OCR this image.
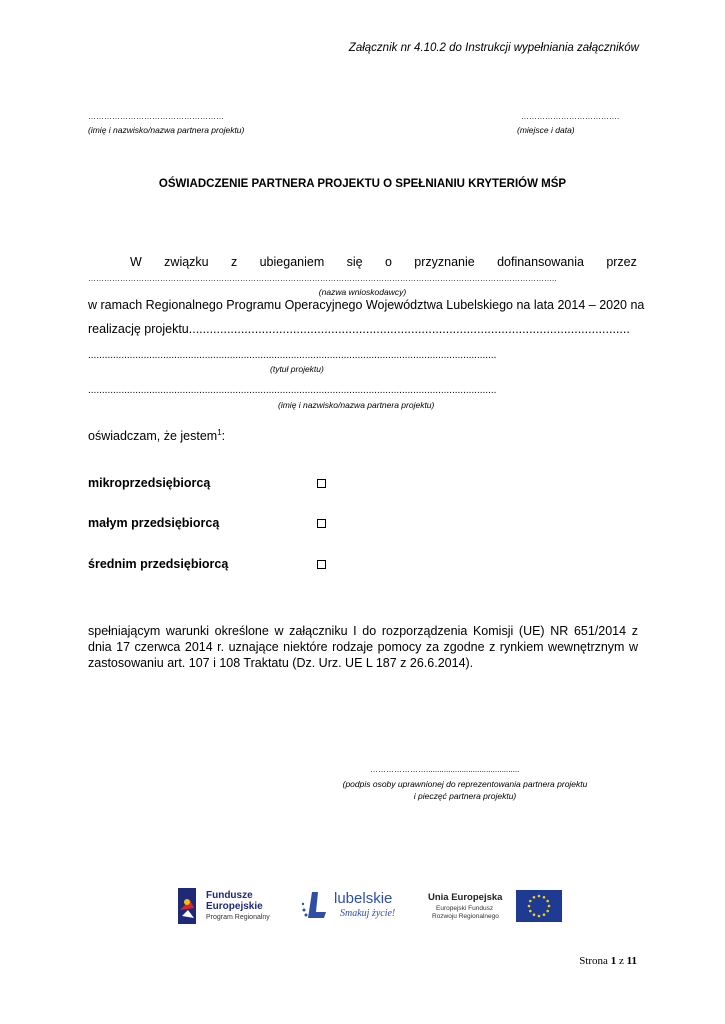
Załącznik nr 4.10.2 do Instrukcji wypełniania załączników
……………………………………………
(imię i nazwisko/nazwa partnera projektu)
……………………………….
(miejsce i data)
OŚWIADCZENIE PARTNERA PROJEKTU O SPEŁNIANIU KRYTERIÓW MŚP
W związku z ubieganiem się o przyznanie dofinansowania przez
…………………………………………………………………………………………………………………………………………………………..
(nazwa wnioskodawcy)
w ramach Regionalnego Programu Operacyjnego Województwa Lubelskiego na lata 2014 – 2020 na
realizację projektu...............................................................................................................................
...................................................................................................................................................
(tytuł projektu)
...................................................................................................................................................
(imię i nazwisko/nazwa partnera projektu)
oświadczam, że jestem$^1$:
mikroprzedsiębiorcą
małym przedsiębiorcą
średnim przedsiębiorcą
spełniającym warunki określone w załączniku I do rozporządzenia Komisji (UE) NR 651/2014 z dnia 17 czerwca 2014 r. uznające niektóre rodzaje pomocy za zgodne z rynkiem wewnętrznym w zastosowaniu art. 107 i 108 Traktatu (Dz. Urz. UE L 187 z 26.6.2014).
…………………..........................................
(podpis osoby uprawnionej do reprezentowania partnera projektu
i pieczęć partnera projektu)
Fundusze
Europejskie
Program Regionalny
lubelskie
Smakuj życie!
Unia Europejska
Europejski Fundusz
Rozwoju Regionalnego
Strona 1 z 11
